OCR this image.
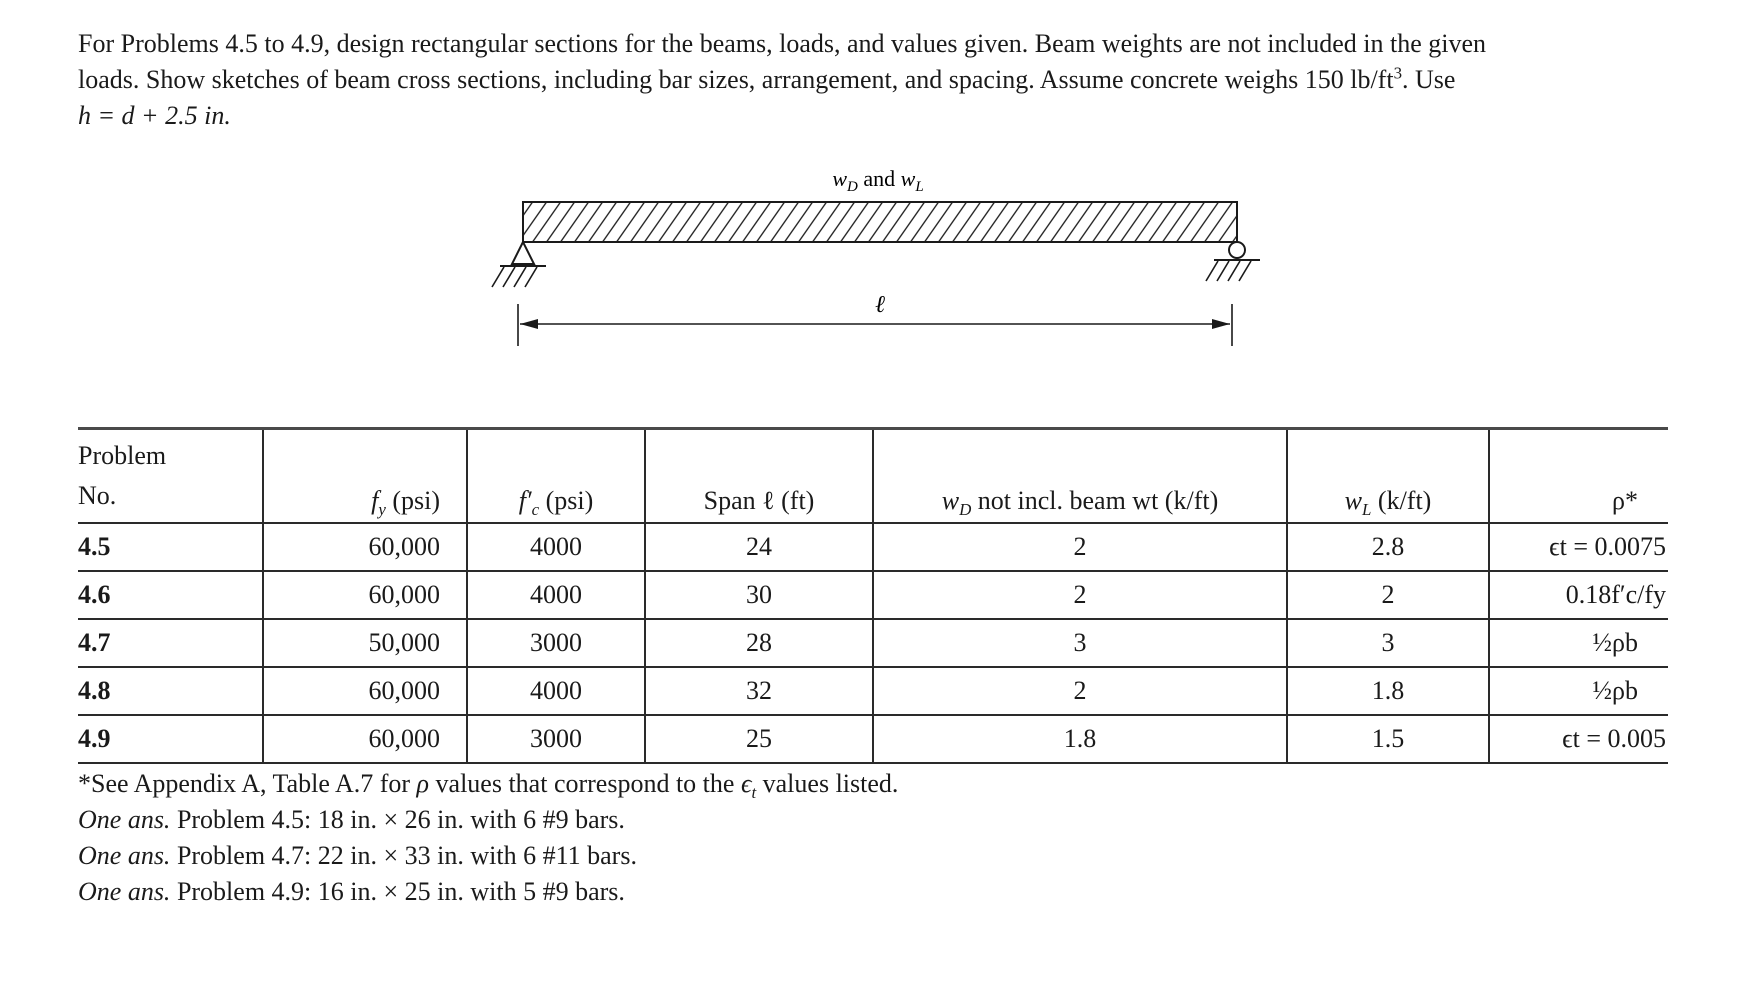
For Problems 4.5 to 4.9, design rectangular sections for the beams, loads, and values given. Beam weights are not included in the given
loads. Show sketches of beam cross sections, including bar sizes, arrangement, and spacing. Assume concrete weighs 150 $lb/ft^3$. Use
h = d + 2.5 in.
$w_D$ and $w_L$
ℓ
Problem
No.	$f_y$ (psi)	$f'_c$ (psi)	Span ℓ (ft)	$w_D$ not incl. beam wt (k/ft)	$w_L$ (k/ft)	ρ*
4.5	60,000	4000	24	2	2.8	ϵt = 0.0075
4.6	60,000	4000	30	2	2	0.18f′c/fy
4.7	50,000	3000	28	3	3	½ρb
4.8	60,000	4000	32	2	1.8	½ρb
4.9	60,000	3000	25	1.8	1.5	ϵt = 0.005
*See Appendix A, Table A.7 for ρ values that correspond to the $\epsilon_t$ values listed.
One ans. Problem 4.5: 18 in. × 26 in. with 6 #9 bars.
One ans. Problem 4.7: 22 in. × 33 in. with 6 #11 bars.
One ans. Problem 4.9: 16 in. × 25 in. with 5 #9 bars.
